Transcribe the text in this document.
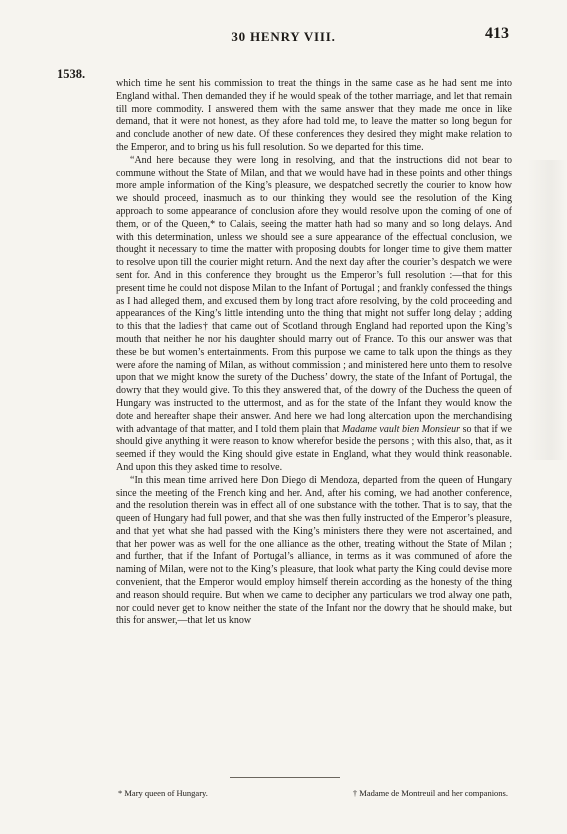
30 HENRY VIII.	413
1538.

which time he sent his commission to treat the things in the same case as he had sent me into England withal. Then demanded they if he would speak of the tother marriage, and let that remain till more commodity. I answered them with the same answer that they made me once in like demand, that it were not honest, as they afore had told me, to leave the matter so long begun for and conclude another of new date. Of these conferences they desired they might make relation to the Emperor, and to bring us his full resolution. So we departed for this time.

“And here because they were long in resolving, and that the instructions did not bear to commune without the State of Milan, and that we would have had in these points and other things more ample information of the King’s pleasure, we despatched secretly the courier to know how we should proceed, inasmuch as to our thinking they would see the resolution of the King approach to some appearance of conclusion afore they would resolve upon the coming of one of them, or of the Queen,* to Calais, seeing the matter hath had so many and so long delays. And with this determination, unless we should see a sure appearance of the effectual conclusion, we thought it necessary to time the matter with proposing doubts for longer time to give them matter to resolve upon till the courier might return. And the next day after the courier’s despatch we were sent for. And in this conference they brought us the Emperor’s full resolution :—that for this present time he could not dispose Milan to the Infant of Portugal ; and frankly confessed the things as I had alleged them, and excused them by long tract afore resolving, by the cold proceeding and appearances of the King’s little intending unto the thing that might not suffer long delay ; adding to this that the ladies† that came out of Scotland through England had reported upon the King’s mouth that neither he nor his daughter should marry out of France. To this our answer was that these be but women’s entertainments. From this purpose we came to talk upon the things as they were afore the naming of Milan, as without commission ; and ministered here unto them to resolve upon that we might know the surety of the Duchess’ dowry, the state of the Infant of Portugal, the dowry that they would give. To this they answered that, of the dowry of the Duchess the queen of Hungary was instructed to the uttermost, and as for the state of the Infant they would know the dote and hereafter shape their answer. And here we had long altercation upon the merchandising with advantage of that matter, and I told them plain that Madame vault bien Monsieur so that if we should give anything it were reason to know wherefor beside the persons ; with this also, that, as it seemed if they would the King should give estate in England, what they would think reasonable. And upon this they asked time to resolve.

“In this mean time arrived here Don Diego di Mendoza, departed from the queen of Hungary since the meeting of the French king and her. And, after his coming, we had another conference, and the resolution therein was in effect all of one substance with the tother. That is to say, that the queen of Hungary had full power, and that she was then fully instructed of the Emperor’s pleasure, and that yet what she had passed with the King’s ministers there they were not ascertained, and that her power was as well for the one alliance as the other, treating without the State of Milan ; and further, that if the Infant of Portugal’s alliance, in terms as it was communed of afore the naming of Milan, were not to the King’s pleasure, that look what party the King could devise more convenient, that the Emperor would employ himself therein according as the honesty of the thing and reason should require. But when we came to decipher any particulars we trod alway one path, nor could never get to know neither the state of the Infant nor the dowry that he should make, but this for answer,—that let us know

* Mary queen of Hungary.	† Madame de Montreuil and her companions.
